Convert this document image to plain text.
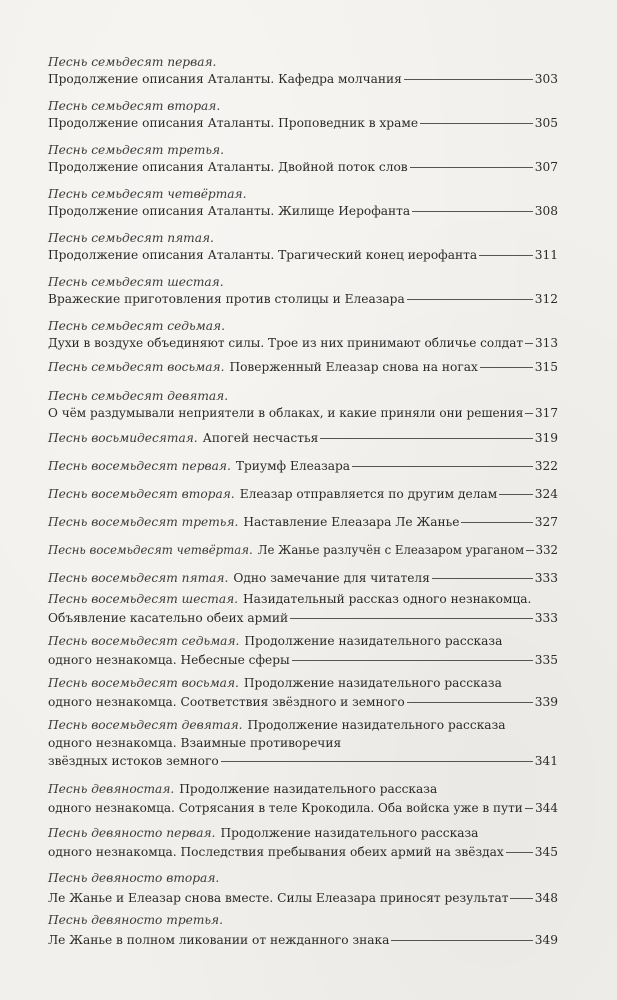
Песнь семьдесят первая.
Продолжение описания Аталанты. Кафедра молчания	303
Песнь семьдесят вторая.
Продолжение описания Аталанты. Проповедник в храме	305
Песнь семьдесят третья.
Продолжение описания Аталанты. Двойной поток слов	307
Песнь семьдесят четвёртая.
Продолжение описания Аталанты. Жилище Иерофанта	308
Песнь семьдесят пятая.
Продолжение описания Аталанты. Трагический конец иерофанта	311
Песнь семьдесят шестая.
Вражеские приготовления против столицы и Елеазара	312
Песнь семьдесят седьмая.
Духи в воздухе объединяют силы. Трое из них принимают обличье солдат 313
Песнь семьдесят восьмая. Поверженный Елеазар снова на ногах	315
Песнь семьдесят девятая.
О чём раздумывали неприятели в облаках, и какие приняли они решения 317
Песнь восьмидесятая. Апогей несчастья	319
Песнь восемьдесят первая. Триумф Елеазара	322
Песнь восемьдесят вторая. Елеазар отправляется по другим делам	324
Песнь восемьдесят третья. Наставление Елеазара Ле Жанье	327
Песнь восемьдесят четвёртая. Ле Жанье разлучён с Елеазаром ураганом 332
Песнь восемьдесят пятая. Одно замечание для читателя	333
Песнь восемьдесят шестая. Назидательный рассказ одного незнакомца.
Объявление касательно обеих армий	333
Песнь восемьдесят седьмая. Продолжение назидательного рассказа
одного незнакомца. Небесные сферы	335
Песнь восемьдесят восьмая. Продолжение назидательного рассказа
одного незнакомца. Соответствия звёздного и земного	339
Песнь восемьдесят девятая. Продолжение назидательного рассказа
одного незнакомца. Взаимные противоречия
звёздных истоков земного	341
Песнь девяностая. Продолжение назидательного рассказа
одного незнакомца. Сотрясания в теле Крокодила. Оба войска уже в пути 344
Песнь девяносто первая. Продолжение назидательного рассказа
одного незнакомца. Последствия пребывания обеих армий на звёздах	345
Песнь девяносто вторая.
Ле Жанье и Елеазар снова вместе. Силы Елеазара приносят результат 348
Песнь девяносто третья.
Ле Жанье в полном ликовании от нежданного знака	349
